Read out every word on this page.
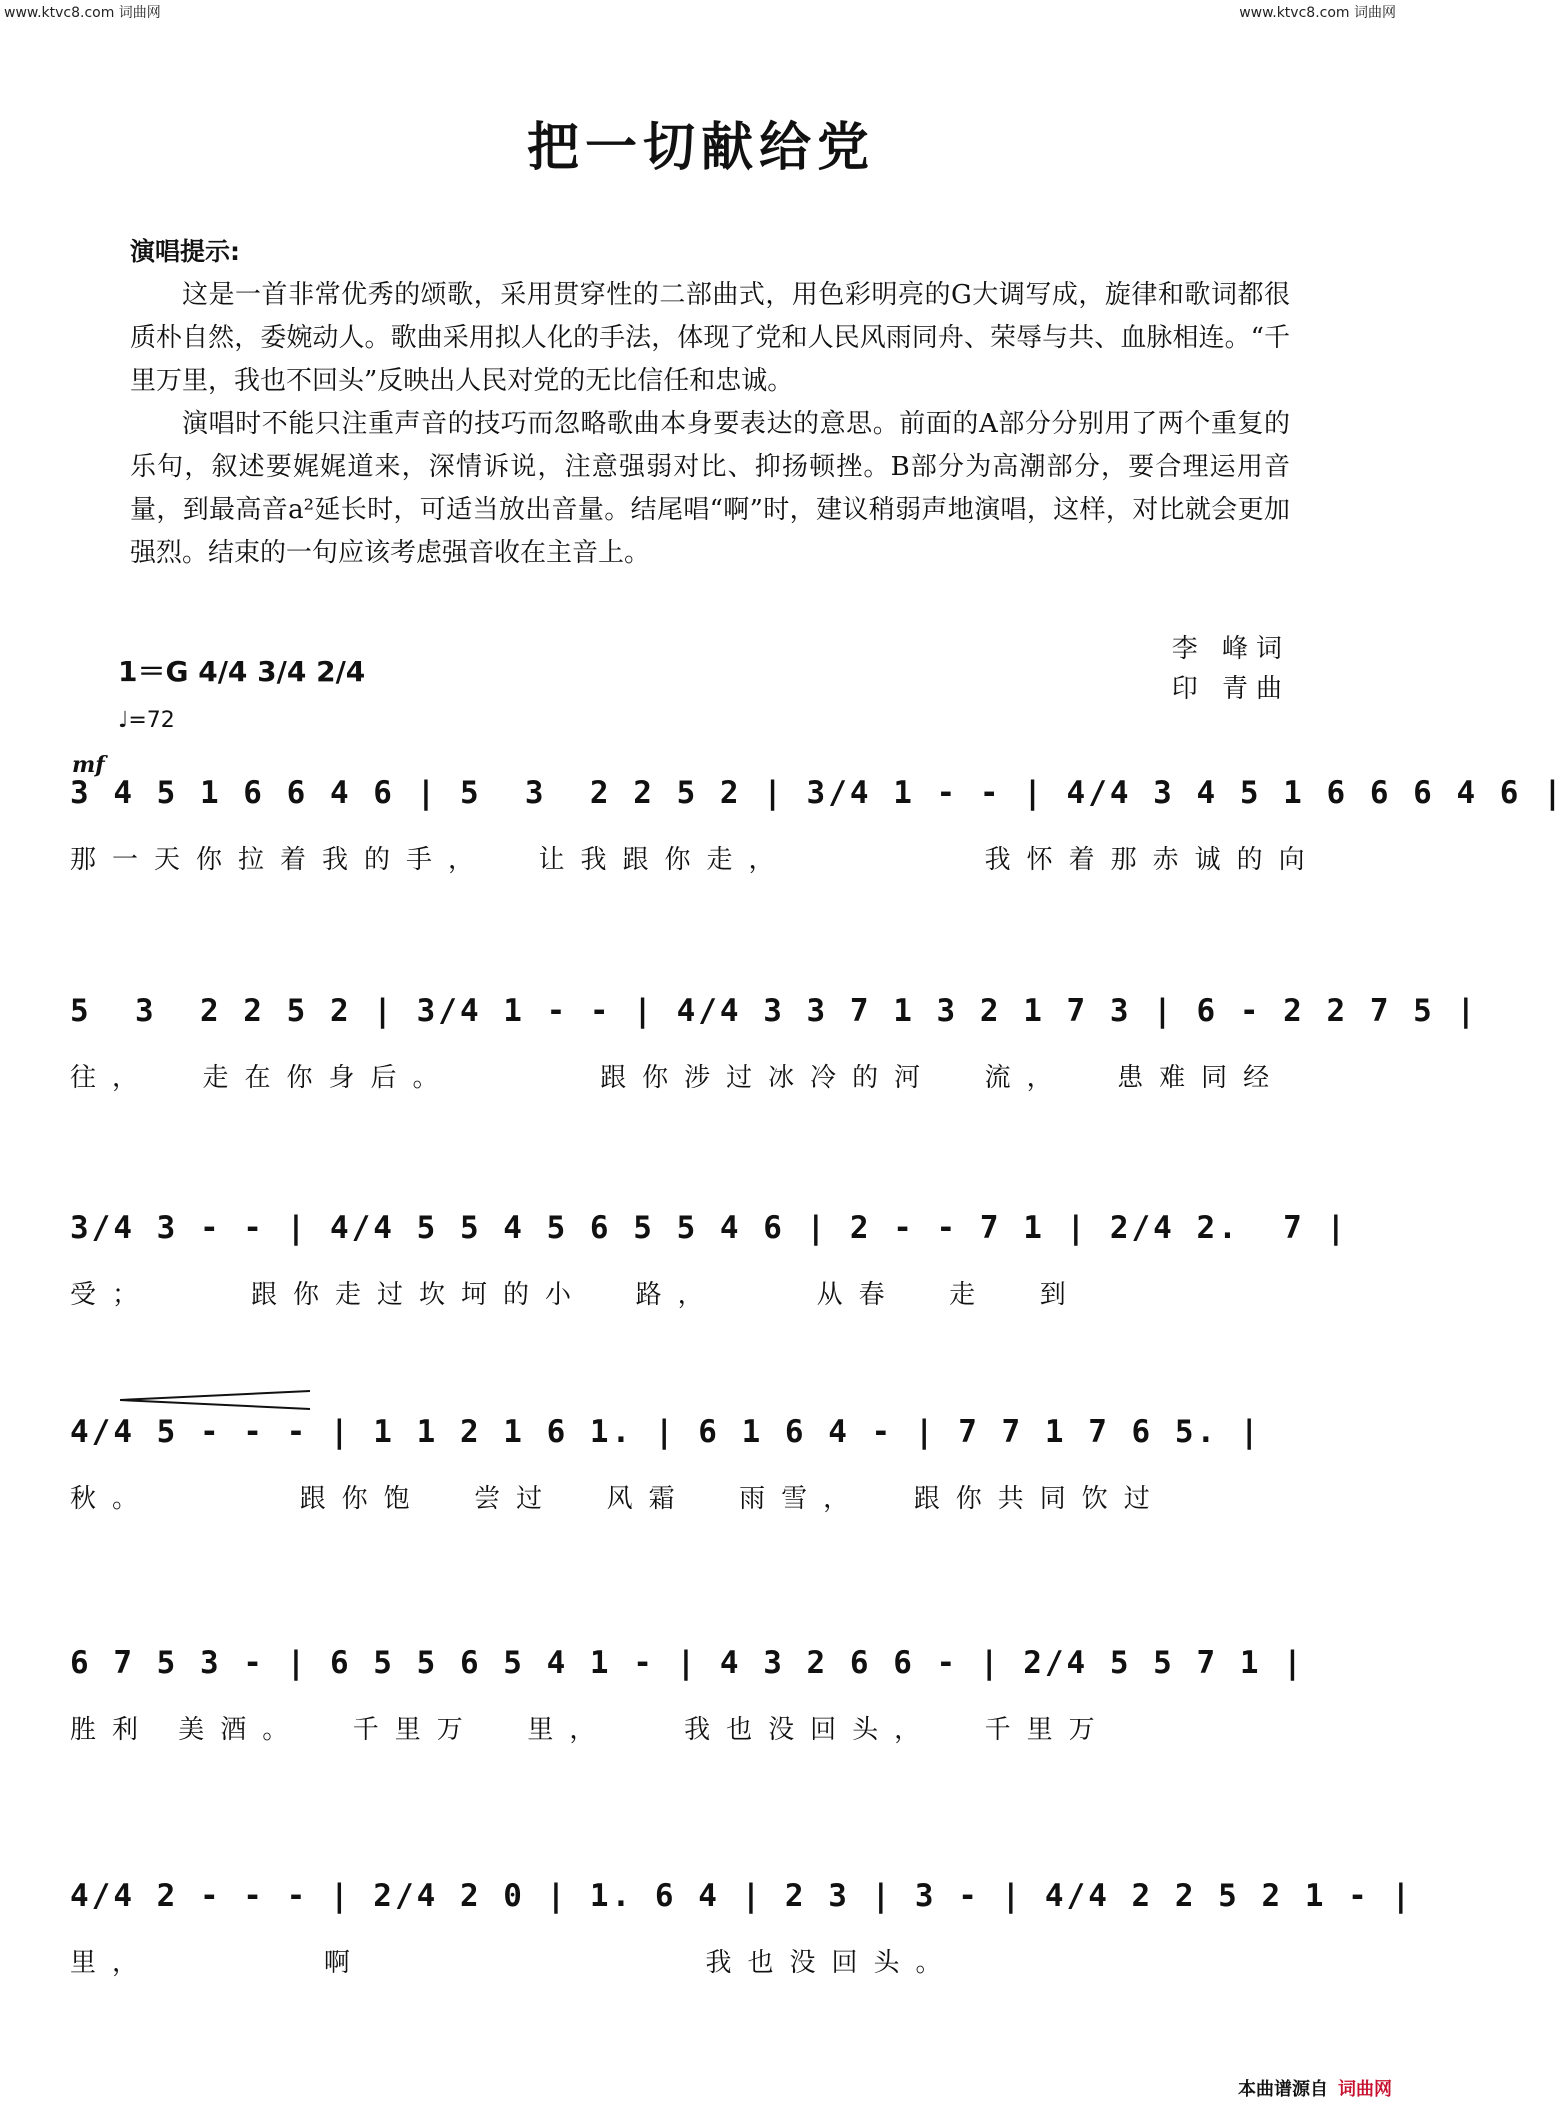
www.ktvc8.com 词曲网	www.ktvc8.com 词曲网
把一切献给党
演唱提示:

这是一首非常优秀的颂歌，采用贯穿性的二部曲式，用色彩明亮的G大调写成，旋律和歌词都很质朴自然，委婉动人。歌曲采用拟人化的手法，体现了党和人民风雨同舟、荣辱与共、血脉相连。“千里万里，我也不回头”反映出人民对党的无比信任和忠诚。

演唱时不能只注重声音的技巧而忽略歌曲本身要表达的意思。前面的A部分分别用了两个重复的乐句，叙述要娓娓道来，深情诉说，注意强弱对比、抑扬顿挫。B部分为高潮部分，要合理运用音量，到最高音a²延长时，可适当放出音量。结尾唱“啊”时，建议稍弱声地演唱，这样，对比就会更加强烈。结束的一句应该考虑强音收在主音上。

1＝G 4/4 3/4 2/4
♩=72
李 峰词
印 青曲
mf
3 4 5 1 6 6 4 6 | 5  3  2 2 5 2 | 3/4 1 - - | 4/4 3 4 5 1 6 6 6 4 6 |
那一天你拉着我的手，  让我跟你走，        我怀着那赤诚的向
5  3  2 2 5 2 | 3/4 1 - - | 4/4 3 3 7 1 3 2 1 7 3 | 6 - 2 2 7 5 |
往，  走在你身后。      跟你涉过冰冷的河  流，  患难同经
3/4 3 - - | 4/4 5 5 4 5 6 5 5 4 6 | 2 - - 7 1 | 2/4 2.  7 |
受；    跟你走过坎坷的小  路，    从春  走  到
4/4 5 - - - | 1 1 2 1 6 1. | 6 1 6 4 - | 7 7 1 7 6 5. |
秋。      跟你饱  尝过  风霜  雨雪，  跟你共同饮过
6 7 5 3 - | 6 5 5 6 5 4 1 - | 4 3 2 6 6 - | 2/4 5 5 7 1 |
胜利 美酒。  千里万  里，   我也没回头，  千里万
4/4 2 - - - | 2/4 2 0 | 1. 6 4 | 2 3 | 3 - | 4/4 2 2 5 2 1 - |
里，       啊              我也没回头。
本曲谱源自 词曲网
